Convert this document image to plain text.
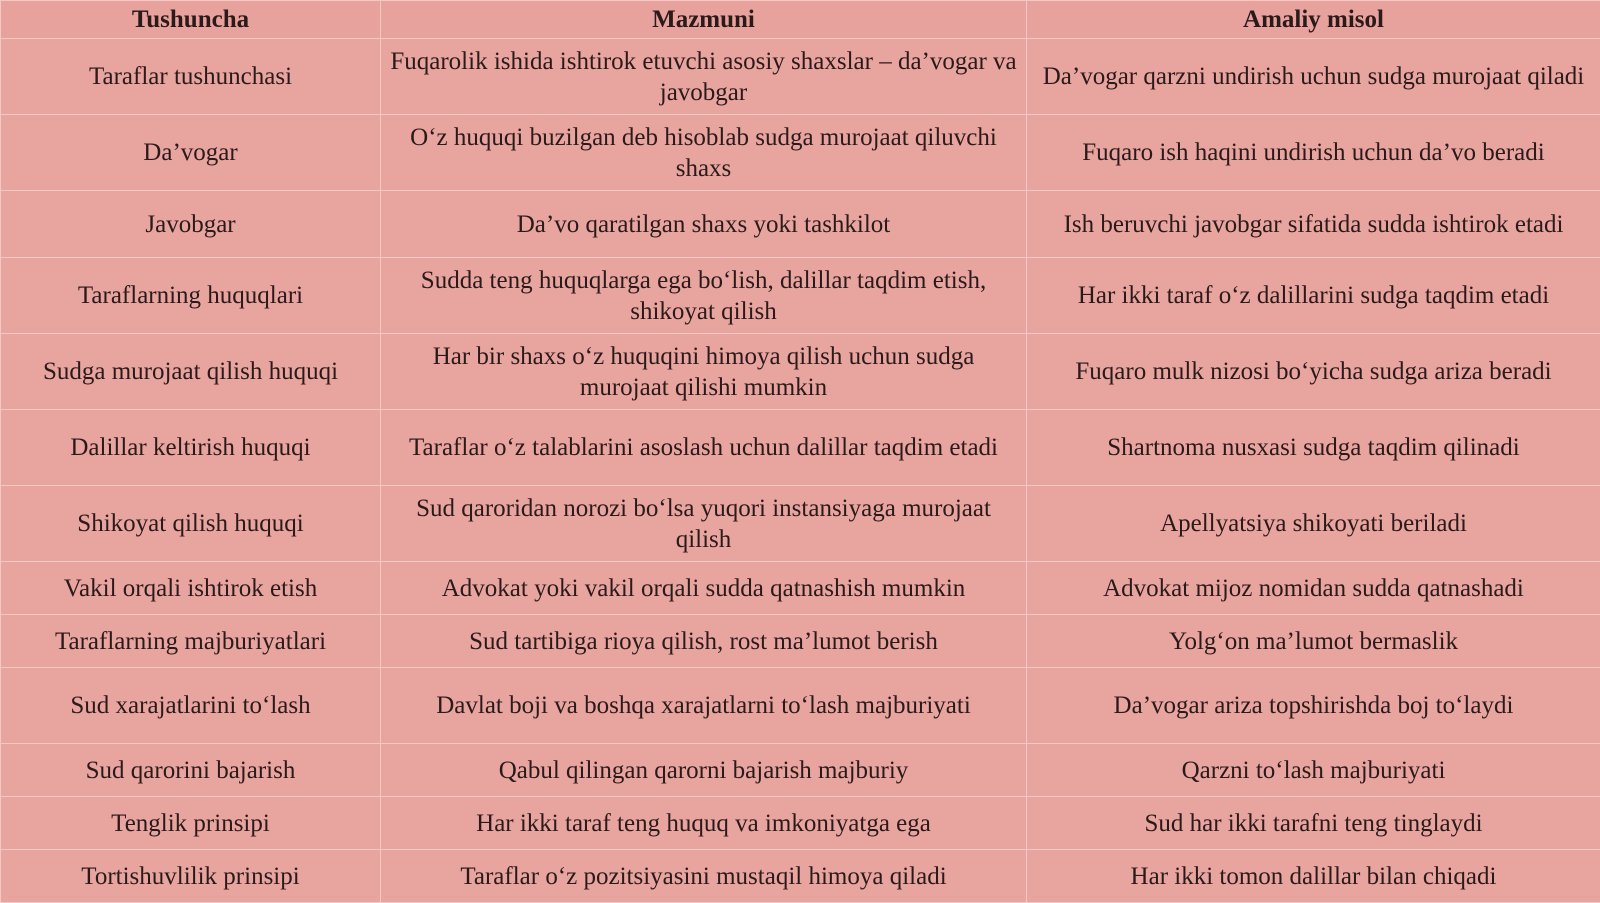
Tushuncha	Mazmuni	Amaliy misol
Taraflar tushunchasi	Fuqarolik ishida ishtirok etuvchi asosiy shaxslar – da’vogar va javobgar	Da’vogar qarzni undirish uchun sudga murojaat qiladi
Da’vogar	O‘z huquqi buzilgan deb hisoblab sudga murojaat qiluvchi shaxs	Fuqaro ish haqini undirish uchun da’vo beradi
Javobgar	Da’vo qaratilgan shaxs yoki tashkilot	Ish beruvchi javobgar sifatida sudda ishtirok etadi
Taraflarning huquqlari	Sudda teng huquqlarga ega bo‘lish, dalillar taqdim etish, shikoyat qilish	Har ikki taraf o‘z dalillarini sudga taqdim etadi
Sudga murojaat qilish huquqi	Har bir shaxs o‘z huquqini himoya qilish uchun sudga murojaat qilishi mumkin	Fuqaro mulk nizosi bo‘yicha sudga ariza beradi
Dalillar keltirish huquqi	Taraflar o‘z talablarini asoslash uchun dalillar taqdim etadi	Shartnoma nusxasi sudga taqdim qilinadi
Shikoyat qilish huquqi	Sud qaroridan norozi bo‘lsa yuqori instansiyaga murojaat qilish	Apellyatsiya shikoyati beriladi
Vakil orqali ishtirok etish	Advokat yoki vakil orqali sudda qatnashish mumkin	Advokat mijoz nomidan sudda qatnashadi
Taraflarning majburiyatlari	Sud tartibiga rioya qilish, rost ma’lumot berish	Yolg‘on ma’lumot bermaslik
Sud xarajatlarini to‘lash	Davlat boji va boshqa xarajatlarni to‘lash majburiyati	Da’vogar ariza topshirishda boj to‘laydi
Sud qarorini bajarish	Qabul qilingan qarorni bajarish majburiy	Qarzni to‘lash majburiyati
Tenglik prinsipi	Har ikki taraf teng huquq va imkoniyatga ega	Sud har ikki tarafni teng tinglaydi
Tortishuvlilik prinsipi	Taraflar o‘z pozitsiyasini mustaqil himoya qiladi	Har ikki tomon dalillar bilan chiqadi
